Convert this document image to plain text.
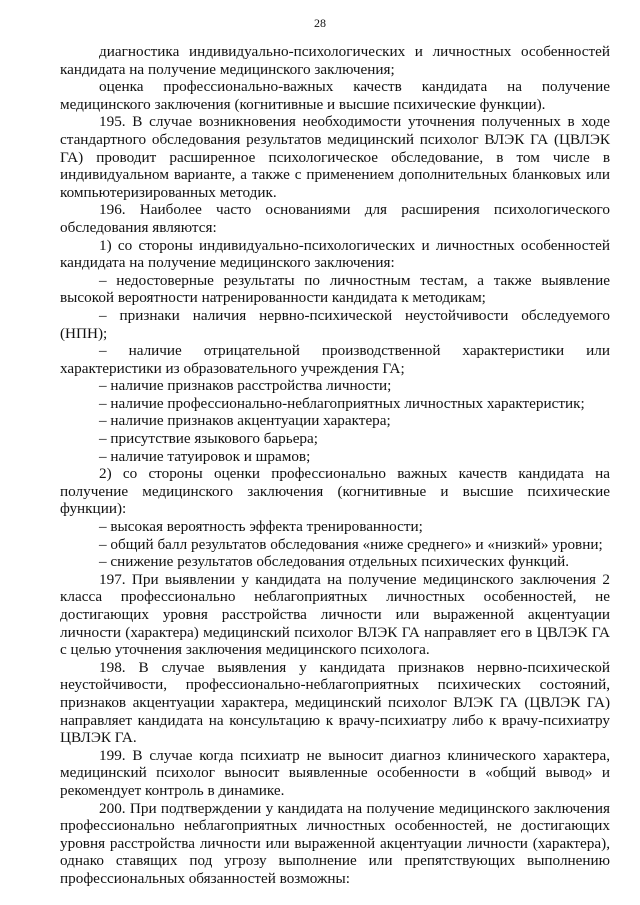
28

диагностика индивидуально-психологических и личностных особенностей кандидата на получение медицинского заключения;

оценка профессионально-важных качеств кандидата на получение медицинского заключения (когнитивные и высшие психические функции).

195. В случае возникновения необходимости уточнения полученных в ходе стандартного обследования результатов медицинский психолог ВЛЭК ГА (ЦВЛЭК ГА) проводит расширенное психологическое обследование, в том числе в индивидуальном варианте, а также с применением дополнительных бланковых или компьютеризированных методик.

196. Наиболее часто основаниями для расширения психологического обследования являются:

1) со стороны индивидуально-психологических и личностных особенностей кандидата на получение медицинского заключения:

– недостоверные результаты по личностным тестам, а также выявление высокой вероятности натренированности кандидата к методикам;

– признаки наличия нервно-психической неустойчивости обследуемого (НПН);

– наличие отрицательной производственной характеристики или характеристики из образовательного учреждения ГА;

– наличие признаков расстройства личности;

– наличие профессионально-неблагоприятных личностных характеристик;

– наличие признаков акцентуации характера;

– присутствие языкового барьера;

– наличие татуировок и шрамов;

2) со стороны оценки профессионально важных качеств кандидата на получение медицинского заключения (когнитивные и высшие психические функции):

– высокая вероятность эффекта тренированности;

– общий балл результатов обследования «ниже среднего» и «низкий» уровни;

– снижение результатов обследования отдельных психических функций.

197. При выявлении у кандидата на получение медицинского заключения 2 класса профессионально неблагоприятных личностных особенностей, не достигающих уровня расстройства личности или выраженной акцентуации личности (характера) медицинский психолог ВЛЭК ГА направляет его в ЦВЛЭК ГА с целью уточнения заключения медицинского психолога.

198. В случае выявления у кандидата признаков нервно-психической неустойчивости, профессионально-неблагоприятных психических состояний, признаков акцентуации характера, медицинский психолог ВЛЭК ГА (ЦВЛЭК ГА) направляет кандидата на консультацию к врачу-психиатру либо к врачу-психиатру ЦВЛЭК ГА.

199. В случае когда психиатр не выносит диагноз клинического характера, медицинский психолог выносит выявленные особенности в «общий вывод» и рекомендует контроль в динамике.

200. При подтверждении у кандидата на получение медицинского заключения профессионально неблагоприятных личностных особенностей, не достигающих уровня расстройства личности или выраженной акцентуации личности (характера), однако ставящих под угрозу выполнение или препятствующих выполнению профессиональных обязанностей возможны:
